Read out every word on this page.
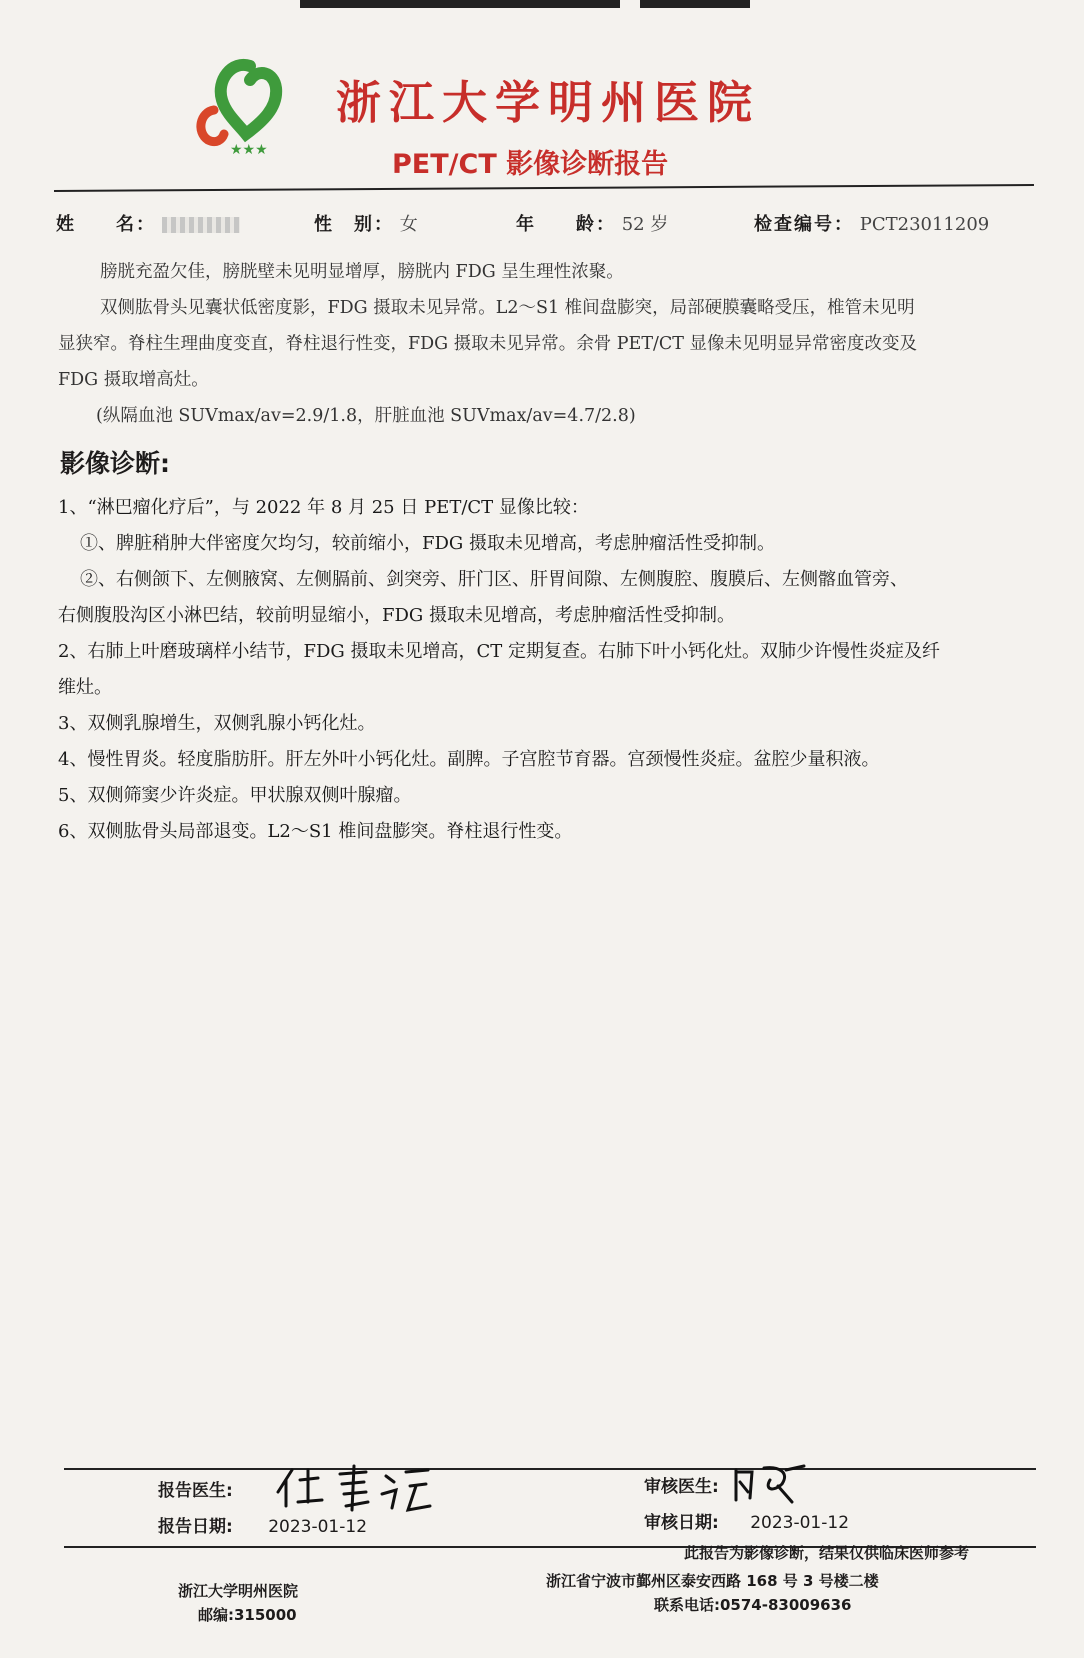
★★★
浙江大学明州医院
PET/CT 影像诊断报告
姓　　名：	性　别： 女	年　　龄： 52 岁	检查编号： PCT23011209
膀胱充盈欠佳，膀胱壁未见明显增厚，膀胱内 FDG 呈生理性浓聚。
双侧肱骨头见囊状低密度影，FDG 摄取未见异常。L2～S1 椎间盘膨突，局部硬膜囊略受压，椎管未见明
显狭窄。脊柱生理曲度变直，脊柱退行性变，FDG 摄取未见异常。余骨 PET/CT 显像未见明显异常密度改变及
FDG 摄取增高灶。
(纵隔血池 SUVmax/av=2.9/1.8，肝脏血池 SUVmax/av=4.7/2.8)
影像诊断:
1、“淋巴瘤化疗后”，与 2022 年 8 月 25 日 PET/CT 显像比较：
①、脾脏稍肿大伴密度欠均匀，较前缩小，FDG 摄取未见增高，考虑肿瘤活性受抑制。
②、右侧颌下、左侧腋窝、左侧膈前、剑突旁、肝门区、肝胃间隙、左侧腹腔、腹膜后、左侧髂血管旁、
右侧腹股沟区小淋巴结，较前明显缩小，FDG 摄取未见增高，考虑肿瘤活性受抑制。
2、右肺上叶磨玻璃样小结节，FDG 摄取未见增高，CT 定期复查。右肺下叶小钙化灶。双肺少许慢性炎症及纤
维灶。
3、双侧乳腺增生，双侧乳腺小钙化灶。
4、慢性胃炎。轻度脂肪肝。肝左外叶小钙化灶。副脾。子宫腔节育器。宫颈慢性炎症。盆腔少量积液。
5、双侧筛窦少许炎症。甲状腺双侧叶腺瘤。
6、双侧肱骨头局部退变。L2～S1 椎间盘膨突。脊柱退行性变。
报告医生:
报告日期: 2023-01-12
审核医生:
审核日期: 2023-01-12
此报告为影像诊断，结果仅供临床医师参考
浙江大学明州医院
邮编:315000
浙江省宁波市鄞州区泰安西路 168 号 3 号楼二楼
联系电话:0574-83009636
